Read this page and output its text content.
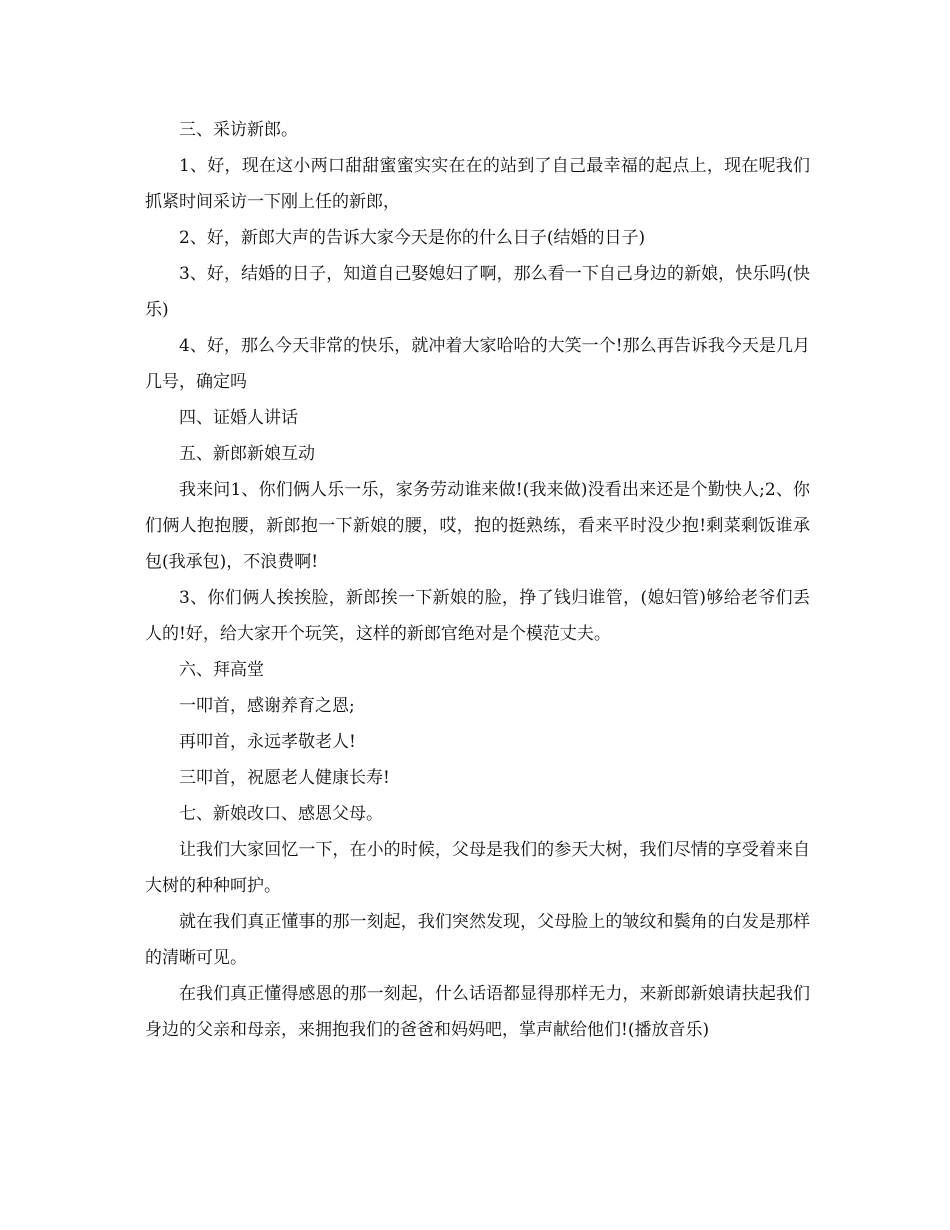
三、采访新郎。

1、好，现在这小两口甜甜蜜蜜实实在在的站到了自己最幸福的起点上，现在呢我们抓紧时间采访一下刚上任的新郎，

2、好，新郎大声的告诉大家今天是你的什么日子(结婚的日子)

3、好，结婚的日子，知道自己娶媳妇了啊，那么看一下自己身边的新娘，快乐吗(快乐)

4、好，那么今天非常的快乐，就冲着大家哈哈的大笑一个!那么再告诉我今天是几月几号，确定吗

四、证婚人讲话

五、新郎新娘互动

我来问1、你们俩人乐一乐，家务劳动谁来做!(我来做)没看出来还是个勤快人;2、你们俩人抱抱腰，新郎抱一下新娘的腰，哎，抱的挺熟练，看来平时没少抱!剩菜剩饭谁承包(我承包)，不浪费啊!

3、你们俩人挨挨脸，新郎挨一下新娘的脸，挣了钱归谁管，(媳妇管)够给老爷们丢人的!好，给大家开个玩笑，这样的新郎官绝对是个模范丈夫。

六、拜高堂

一叩首，感谢养育之恩;

再叩首，永远孝敬老人!

三叩首，祝愿老人健康长寿!

七、新娘改口、感恩父母。

让我们大家回忆一下，在小的时候，父母是我们的参天大树，我们尽情的享受着来自大树的种种呵护。

就在我们真正懂事的那一刻起，我们突然发现，父母脸上的皱纹和鬓角的白发是那样的清晰可见。

在我们真正懂得感恩的那一刻起，什么话语都显得那样无力，来新郎新娘请扶起我们身边的父亲和母亲，来拥抱我们的爸爸和妈妈吧，掌声献给他们!(播放音乐)
